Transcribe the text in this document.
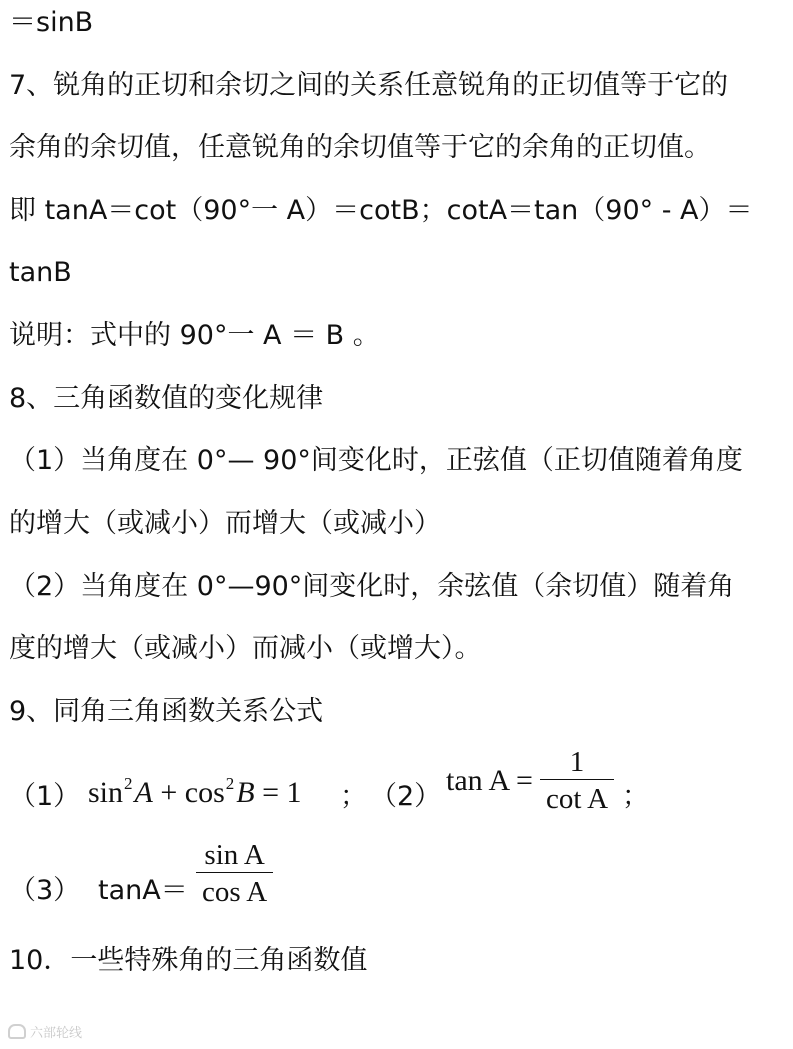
＝sinB
7、锐角的正切和余切之间的关系任意锐角的正切值等于它的
余角的余切值，任意锐角的余切值等于它的余角的正切值。
即 tanA＝cot（90°一 A）＝cotB；cotA＝tan（90° - A）＝
tanB
说明：式中的 90°一 A ＝ B 。
8、三角函数值的变化规律
（1）当角度在 0°— 90°间变化时，正弦值（正切值随着角度
的增大（或减小）而增大（或减小）
（2）当角度在 0°—90°间变化时，余弦值（余切值）随着角
度的增大（或减小）而减小（或增大）。
9、同角三角函数关系公式
（1） $\sin^2A + \cos^2B = 1$ ； （2） tan A =
1
cot A ；
（3） tanA＝
sin A
cos A
10．一些特殊角的三角函数值
六部轮线
